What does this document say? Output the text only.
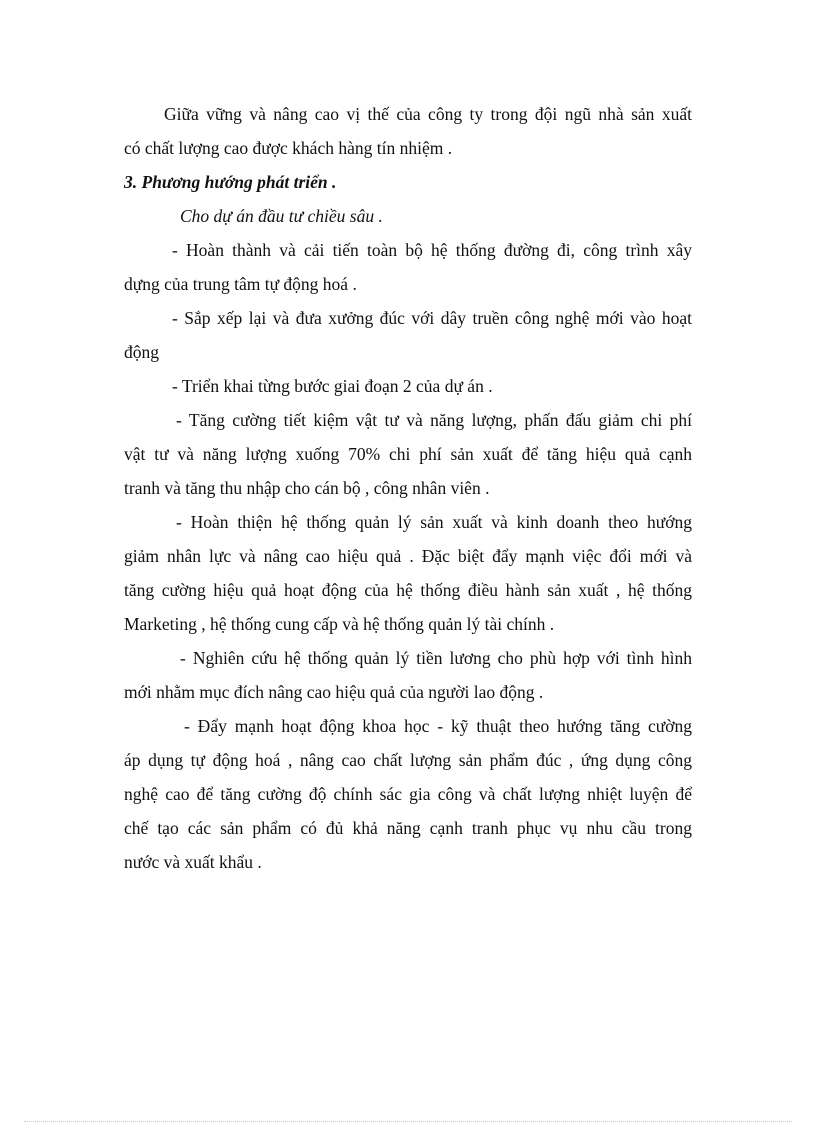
Giữa vững và nâng cao vị thế của công ty trong đội ngũ nhà sản xuất

có chất lượng cao được khách hàng tín nhiệm .

3. Phương hướng phát triển .

Cho dự án đầu tư chiều sâu .

- Hoàn thành và cải tiến toàn bộ hệ thống đường đi, công trình xây

dựng của trung tâm tự động hoá .

- Sắp xếp lại và đưa xưởng đúc với dây truền công nghệ mới vào hoạt

động

- Triển khai từng bước giai đoạn 2 của dự án .

- Tăng cường tiết kiệm vật tư và năng lượng, phấn đấu giảm chi phí

vật tư và năng lượng xuống 70% chi phí sản xuất để tăng hiệu quả cạnh

tranh và tăng thu nhập cho cán bộ , công nhân viên .

- Hoàn thiện hệ thống quản lý sản xuất và kinh doanh theo hướng

giảm nhân lực và nâng cao hiệu quả . Đặc biệt đẩy mạnh việc đổi mới và

tăng cường hiệu quả hoạt động của hệ thống điều hành sản xuất , hệ thống

Marketing , hệ thống cung cấp và hệ thống quản lý tài chính .

- Nghiên cứu hệ thống quản lý tiền lương cho phù hợp với tình hình

mới nhằm mục đích nâng cao hiệu quả của người lao động .

- Đẩy mạnh hoạt động khoa học - kỹ thuật theo hướng tăng cường

áp dụng tự động hoá , nâng cao chất lượng sản phẩm đúc , ứng dụng công

nghệ cao để tăng cường độ chính sác gia công và chất lượng nhiệt luyện để

chế tạo các sản phẩm có đủ khả năng cạnh tranh phục vụ nhu cầu trong

nước và xuất khẩu .
